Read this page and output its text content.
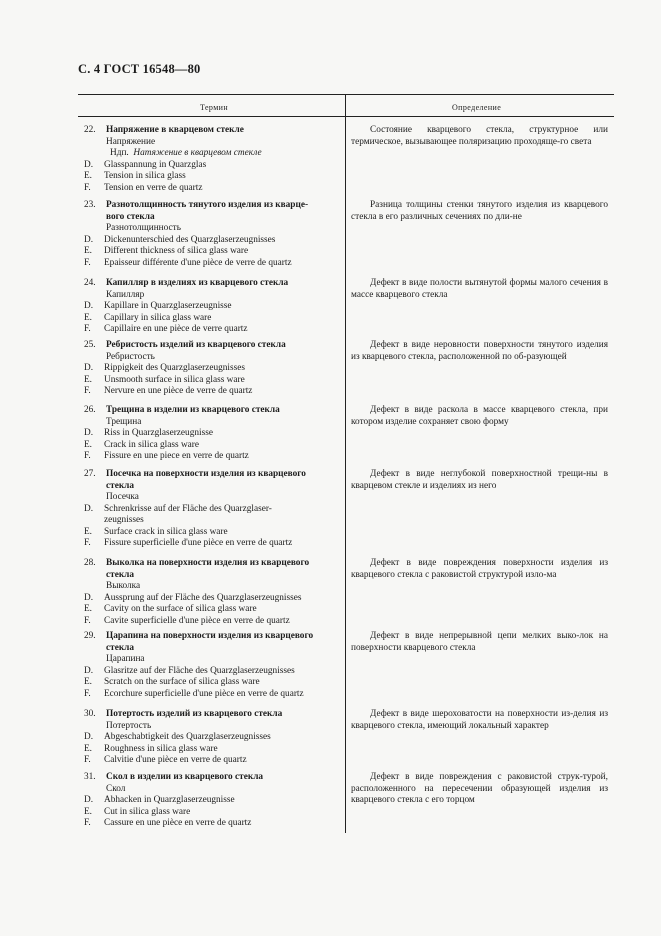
С. 4 ГОСТ 16548—80
Термин	Определение
22.	Напряжение в кварцевом стекле
Напряжение
Ндп. Натяжение в кварцевом стекле
D.	Glasspannung in Quarzglas
E.	Tension in silica glass
F.	Tension en verre de quartz
Состояние кварцевого стекла, структурное или термическое, вызывающее поляризацию проходяще-го света
23.	Разнотолщинность тянутого изделия из кварце-
вого стекла
Разнотолщинность
D.	Dickenunterschied des Quarzglaserzeugnisses
E.	Different thickness of silica glass ware
F.	Epaisseur différente d'une pièce de verre de quartz
Разница толщины стенки тянутого изделия из кварцевого стекла в его различных сечениях по дли-не
24.	Капилляр в изделиях из кварцевого стекла
Капилляр
D.	Kapillare in Quarzglaserzeugnisse
E.	Capillary in silica glass ware
F.	Capillaire en une pièce de verre quartz
Дефект в виде полости вытянутой формы малого сечения в массе кварцевого стекла
25.	Ребристость изделий из кварцевого стекла
Ребристость
D.	Rippigkeit des Quarzglaserzeugnisses
E.	Unsmooth surface in silica glass ware
F.	Nervure en une pièce de verre de quartz
Дефект в виде неровности поверхности тянутого изделия из кварцевого стекла, расположенной по об-разующей
26.	Трещина в изделии из кварцевого стекла
Трещина
D.	Riss in Quarzglaserzeugnisse
E.	Crack in silica glass ware
F.	Fissure en une piece en verre de quartz
Дефект в виде раскола в массе кварцевого стекла, при котором изделие сохраняет свою форму
27.	Посечка на поверхности изделия из кварцевого
стекла
Посечка
D.	Schrenkrisse auf der Fläche des Quarzglaser-
zeugnisses
E.	Surface crack in silica glass ware
F.	Fissure superficielle d'une pièce en verre de quartz
Дефект в виде неглубокой поверхностной трещи-ны в кварцевом стекле и изделиях из него
28.	Выколка на поверхности изделия из кварцевого
стекла
Выколка
D.	Aussprung auf der Fläche des Quarzglaserzeugnisses
E.	Cavity on the surface of silica glass ware
F.	Cavite superficielle d'une pièce en verre de quartz
Дефект в виде повреждения поверхности изделия из кварцевого стекла с раковистой структурой изло-ма
29.	Царапина на поверхности изделия из кварцевого
стекла
Царапина
D.	Glasritze auf der Fläche des Quarzglaserzeugnisses
E.	Scratch on the surface of silica glass ware
F.	Ecorchure superficielle d'une pièce en verre de quartz
Дефект в виде непрерывной цепи мелких выко-лок на поверхности кварцевого стекла
30.	Потертость изделий из кварцевого стекла
Потертость
D.	Abgeschabtigkeit des Quarzglaserzeugnisses
E.	Roughness in silica glass ware
F.	Calvitie d'une pièce en verre de quartz
Дефект в виде шероховатости на поверхности из-делия из кварцевого стекла, имеющий локальный характер
31.	Скол в изделии из кварцевого стекла
Скол
D.	Abhacken in Quarzglaserzeugnisse
E.	Cut in silica glass ware
F.	Cassure en une pièce en verre de quartz
Дефект в виде повреждения с раковистой струк-турой, расположенного на пересечении образующей изделия из кварцевого стекла с его торцом
